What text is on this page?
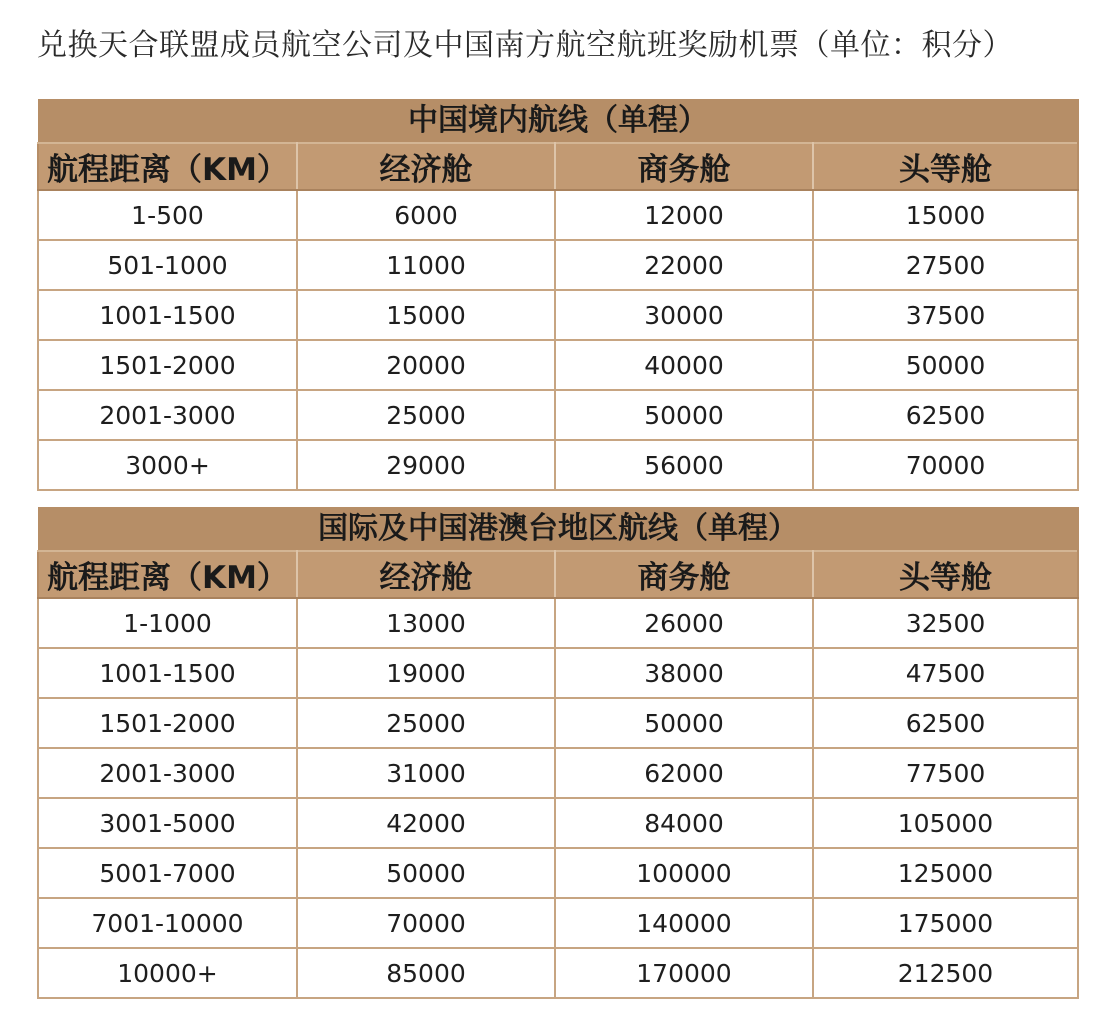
兑换天合联盟成员航空公司及中国南方航空航班奖励机票（单位：积分）
中国境内航线（单程）			
航程距离（KM）	经济舱	商务舱	头等舱
1-500	6000	12000	15000
501-1000	11000	22000	27500
1001-1500	15000	30000	37500
1501-2000	20000	40000	50000
2001-3000	25000	50000	62500
3000+	29000	56000	70000
国际及中国港澳台地区航线（单程）			
航程距离（KM）	经济舱	商务舱	头等舱
1-1000	13000	26000	32500
1001-1500	19000	38000	47500
1501-2000	25000	50000	62500
2001-3000	31000	62000	77500
3001-5000	42000	84000	105000
5001-7000	50000	100000	125000
7001-10000	70000	140000	175000
10000+	85000	170000	212500
